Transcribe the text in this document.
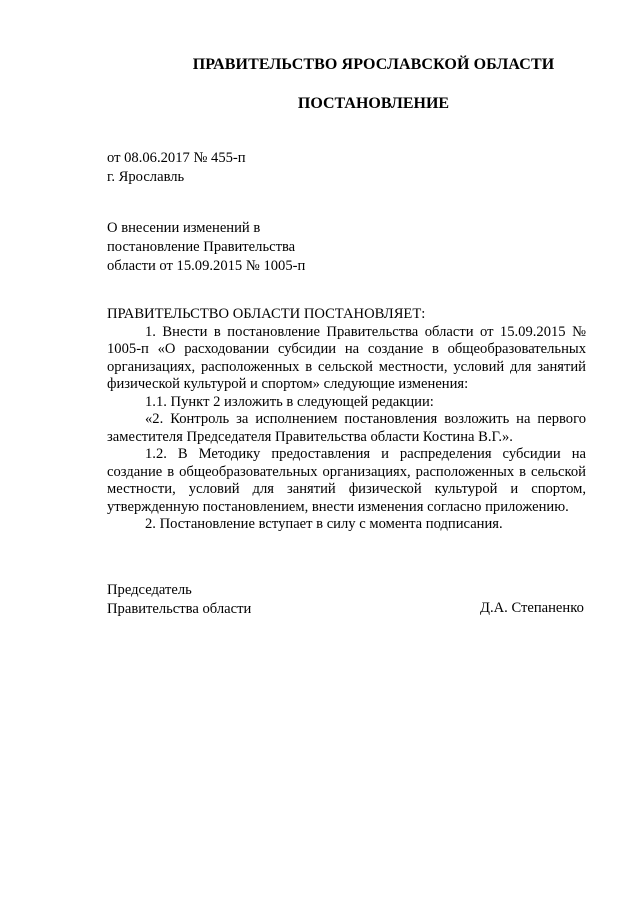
ПРАВИТЕЛЬСТВО ЯРОСЛАВСКОЙ ОБЛАСТИ
ПОСТАНОВЛЕНИЕ
от 08.06.2017 № 455-п
г. Ярославль
О внесении изменений в
постановление Правительства
области от 15.09.2015 № 1005-п

ПРАВИТЕЛЬСТВО ОБЛАСТИ ПОСТАНОВЛЯЕТ:

1. Внести в постановление Правительства области от 15.09.2015 № 1005-п «О расходовании субсидии на создание в общеобразовательных организациях, расположенных в сельской местности, условий для занятий физической культурой и спортом» следующие изменения:

1.1. Пункт 2 изложить в следующей редакции:

«2. Контроль за исполнением постановления возложить на первого заместителя Председателя Правительства области Костина В.Г.».

1.2. В Методику предоставления и распределения субсидии на создание в общеобразовательных организациях, расположенных в сельской местности, условий для занятий физической культурой и спортом, утвержденную постановлением, внести изменения согласно приложению.

2. Постановление вступает в силу с момента подписания.

Председатель
Правительства области	Д.А. Степаненко
